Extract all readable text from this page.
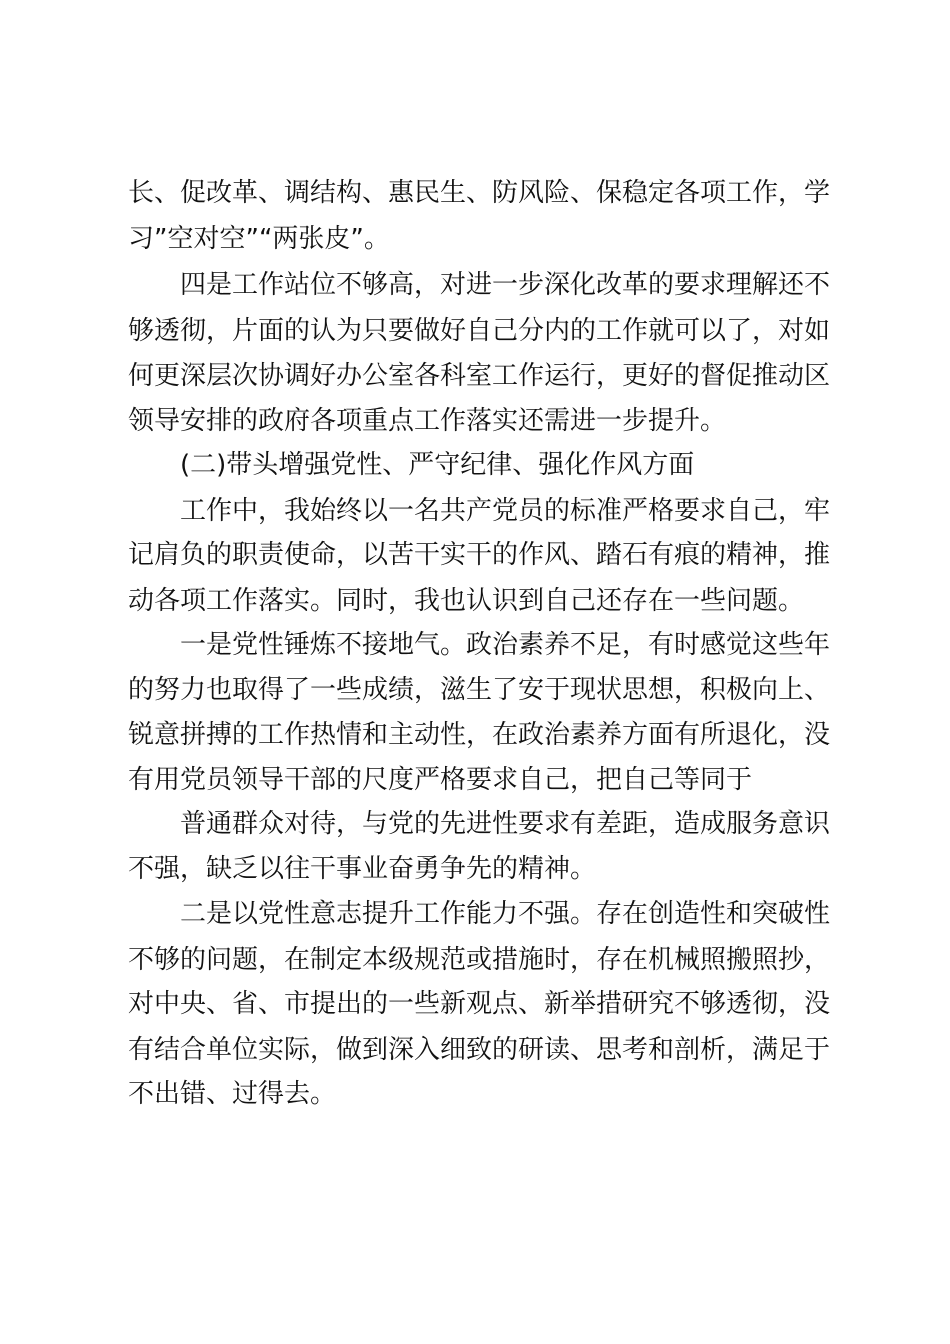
长、促改革、调结构、惠民生、防风险、保稳定各项工作，学
习”空对空”“两张皮”。
四是工作站位不够高，对进一步深化改革的要求理解还不
够透彻，片面的认为只要做好自己分内的工作就可以了，对如
何更深层次协调好办公室各科室工作运行，更好的督促推动区
领导安排的政府各项重点工作落实还需进一步提升。
(二)带头增强党性、严守纪律、强化作风方面
工作中，我始终以一名共产党员的标准严格要求自己，牢
记肩负的职责使命，以苦干实干的作风、踏石有痕的精神，推
动各项工作落实。同时，我也认识到自己还存在一些问题。
一是党性锤炼不接地气。政治素养不足，有时感觉这些年
的努力也取得了一些成绩，滋生了安于现状思想，积极向上、
锐意拼搏的工作热情和主动性，在政治素养方面有所退化，没
有用党员领导干部的尺度严格要求自己，把自己等同于
普通群众对待，与党的先进性要求有差距，造成服务意识
不强，缺乏以往干事业奋勇争先的精神。
二是以党性意志提升工作能力不强。存在创造性和突破性
不够的问题，在制定本级规范或措施时，存在机械照搬照抄，
对中央、省、市提出的一些新观点、新举措研究不够透彻，没
有结合单位实际，做到深入细致的研读、思考和剖析，满足于
不出错、过得去。
